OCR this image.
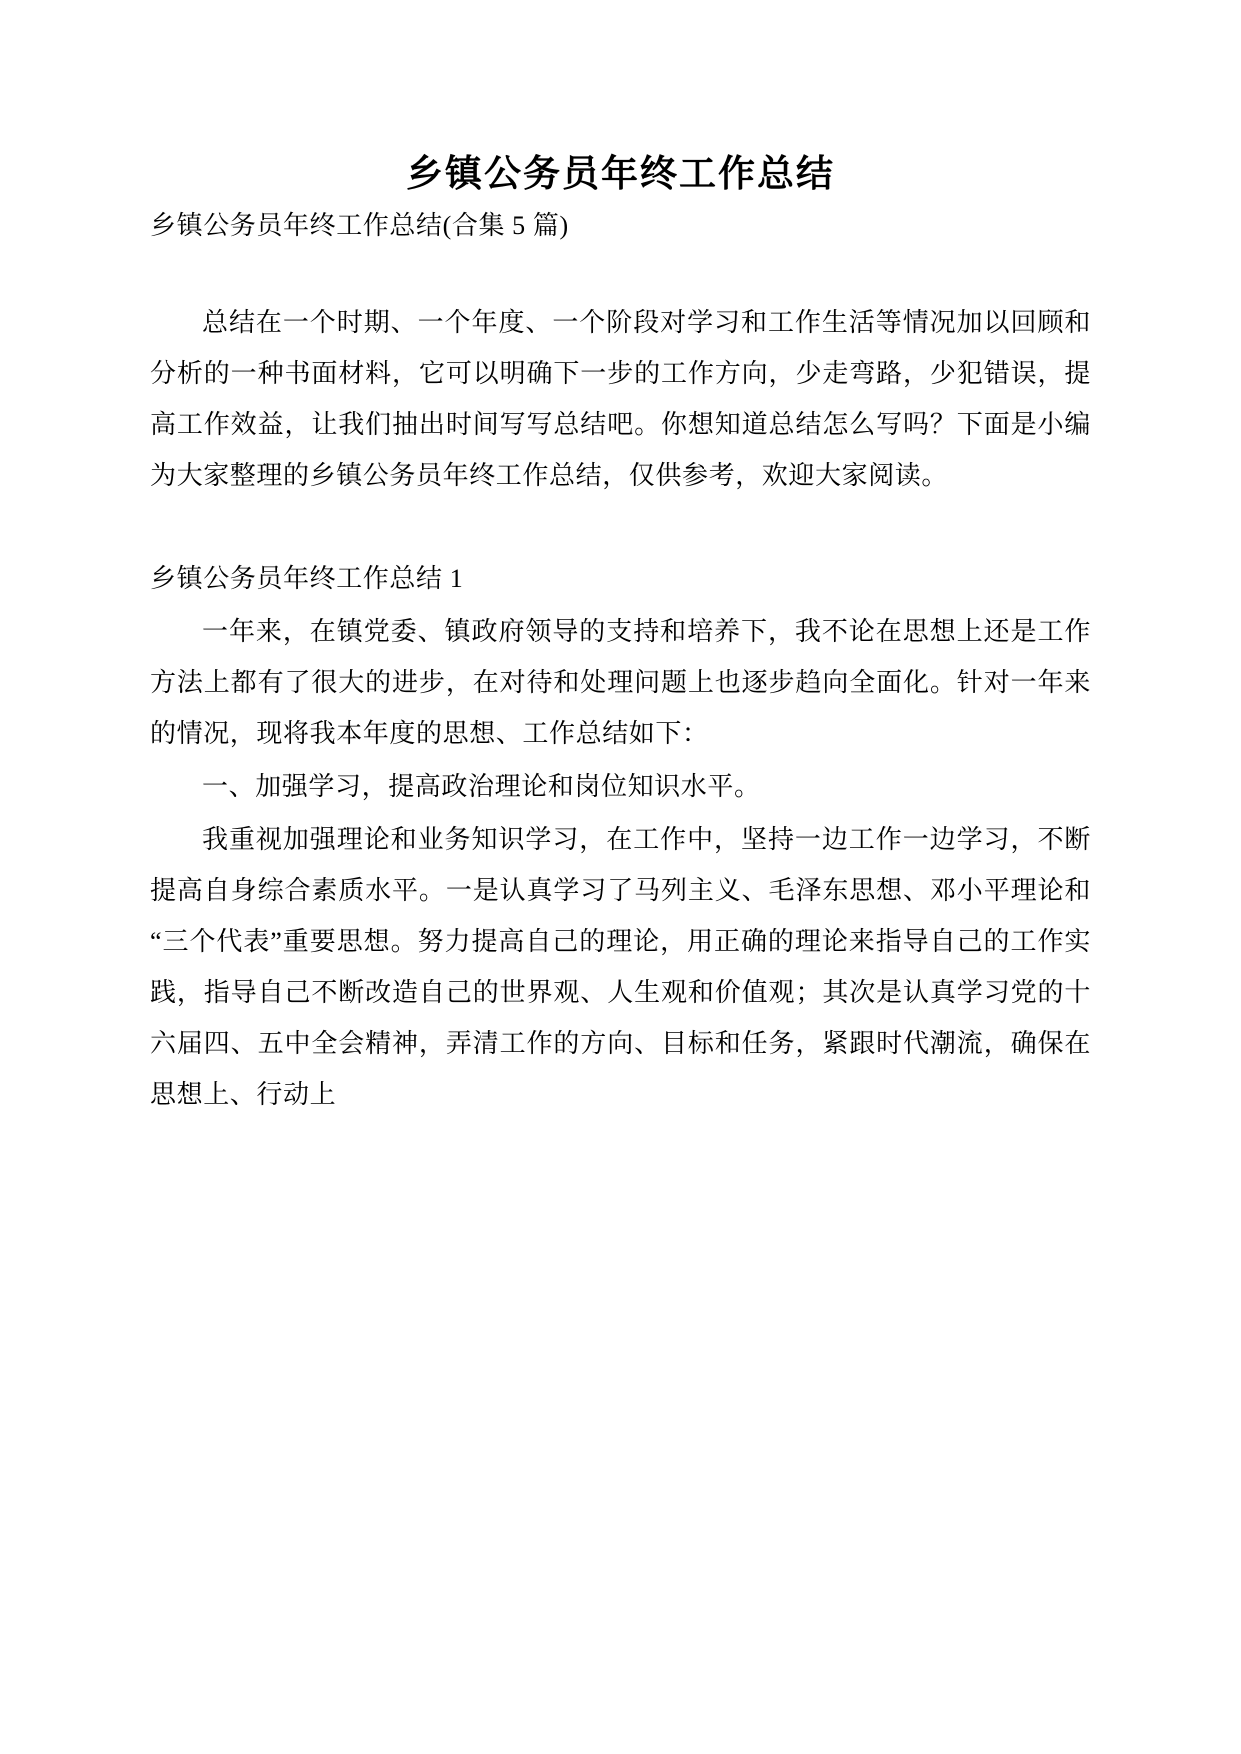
乡镇公务员年终工作总结

乡镇公务员年终工作总结(合集 5 篇)

总结在一个时期、一个年度、一个阶段对学习和工作生活等情况加以回顾和分析的一种书面材料，它可以明确下一步的工作方向，少走弯路，少犯错误，提高工作效益，让我们抽出时间写写总结吧。你想知道总结怎么写吗？下面是小编为大家整理的乡镇公务员年终工作总结，仅供参考，欢迎大家阅读。

乡镇公务员年终工作总结 1

一年来，在镇党委、镇政府领导的支持和培养下，我不论在思想上还是工作方法上都有了很大的进步，在对待和处理问题上也逐步趋向全面化。针对一年来的情况，现将我本年度的思想、工作总结如下：

一、加强学习，提高政治理论和岗位知识水平。

我重视加强理论和业务知识学习，在工作中，坚持一边工作一边学习，不断提高自身综合素质水平。一是认真学习了马列主义、毛泽东思想、邓小平理论和“三个代表”重要思想。努力提高自己的理论，用正确的理论来指导自己的工作实践，指导自己不断改造自己的世界观、人生观和价值观；其次是认真学习党的十六届四、五中全会精神，弄清工作的方向、目标和任务，紧跟时代潮流，确保在思想上、行动上
